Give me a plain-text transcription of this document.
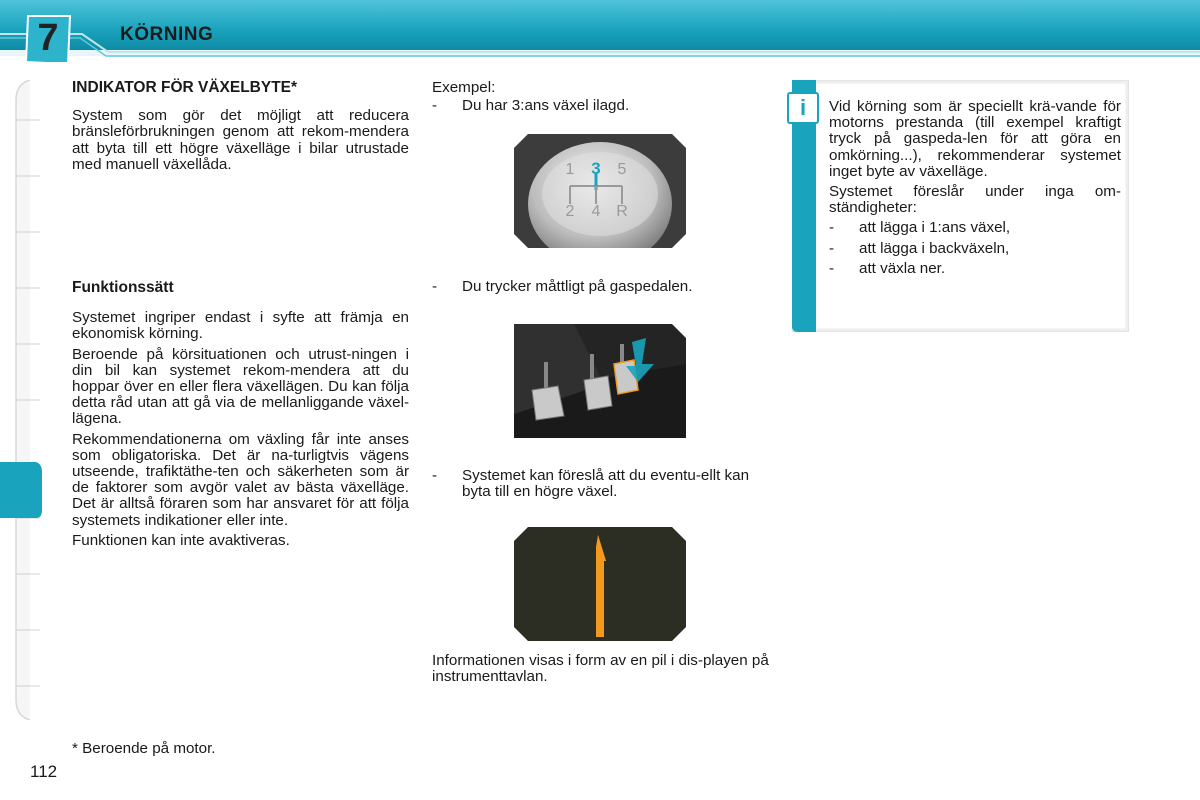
7	KÖRNING

INDIKATOR FÖR VÄXELBYTE*

System som gör det möjligt att reducera bränsleförbrukningen genom att rekom-mendera att byta till ett högre växelläge i bilar utrustade med manuell växellåda.

Funktionssätt

Systemet ingriper endast i syfte att främja en ekonomisk körning.

Beroende på körsituationen och utrust-ningen i din bil kan systemet rekom-mendera att du hoppar över en eller flera växellägen. Du kan följa detta råd utan att gå via de mellanliggande växel-lägena.

Rekommendationerna om växling får inte anses som obligatoriska. Det är na-turligtvis vägens utseende, trafiktäthe-ten och säkerheten som är de faktorer som avgör valet av bästa växelläge. Det är alltså föraren som har ansvaret för att följa systemets indikationer eller inte.

Funktionen kan inte avaktiveras.

Exempel:

-	Du har 3:ans växel ilagd.
-	Du trycker måttligt på gaspedalen.
-	Systemet kan föreslå att du eventu-ellt kan byta till en högre växel.
Informationen visas i form av en pil i dis-playen på instrumenttavlan.
1 3 5
2 4 R
i	Vid körning som är speciellt krä-vande för motorns prestanda (till exempel kraftigt tryck på gaspeda-len för att göra en omkörning...), rekommenderar systemet inget byte av växelläge.

Systemet föreslår under inga om-ständigheter:

-	att lägga i 1:ans växel,
-	att lägga i backväxeln,
-	att växla ner.
* Beroende på motor.
112
